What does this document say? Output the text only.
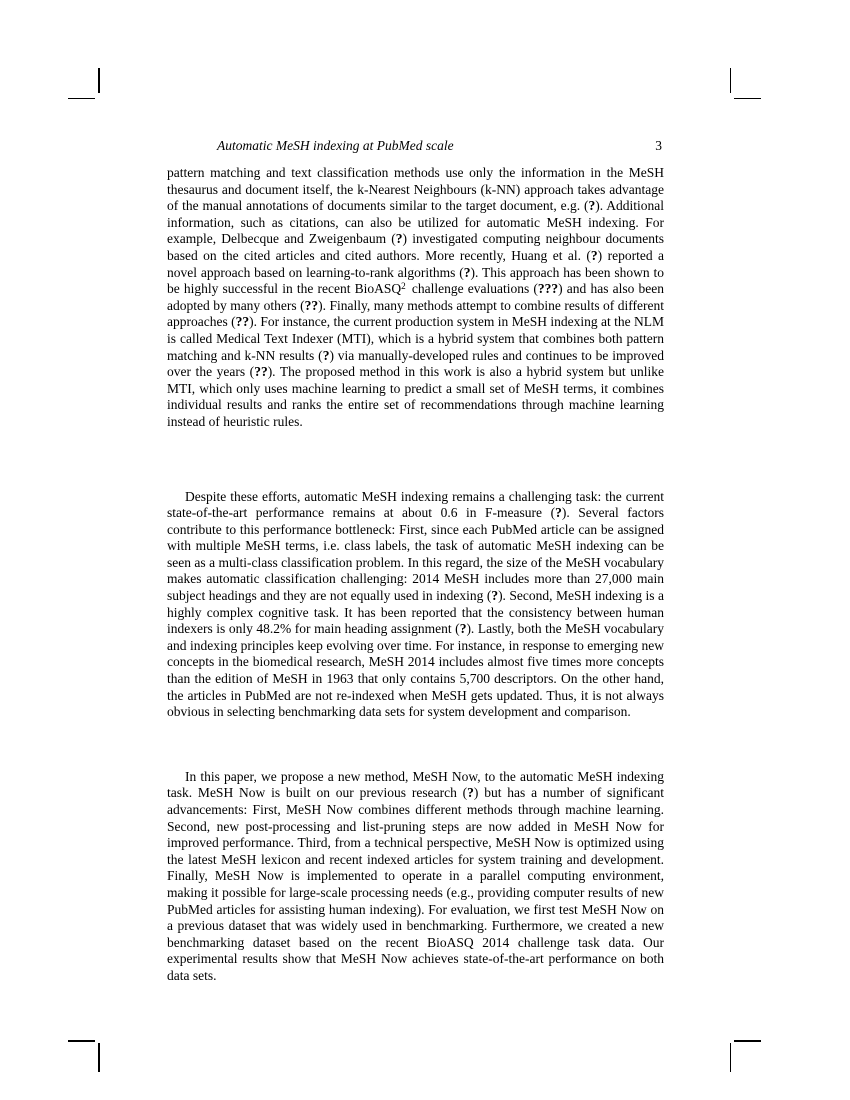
Automatic MeSH indexing at PubMed scale	3

pattern matching and text classification methods use only the information in the MeSH thesaurus and document itself, the k-Nearest Neighbours (k-NN) approach takes advantage of the manual annotations of documents similar to the target document, e.g. (?). Additional information, such as citations, can also be utilized for automatic MeSH indexing. For example, Delbecque and Zweigenbaum (?) investigated computing neighbour documents based on the cited articles and cited authors. More recently, Huang et al. (?) reported a novel approach based on learning-to-rank algorithms (?). This approach has been shown to be highly successful in the recent BioASQ$^2$ challenge evaluations (???) and has also been adopted by many others (??). Finally, many methods attempt to combine results of different approaches (??). For instance, the current production system in MeSH indexing at the NLM is called Medical Text Indexer (MTI), which is a hybrid system that combines both pattern matching and k-NN results (?) via manually-developed rules and continues to be improved over the years (??). The proposed method in this work is also a hybrid system but unlike MTI, which only uses machine learning to predict a small set of MeSH terms, it combines individual results and ranks the entire set of recommendations through machine learning instead of heuristic rules.

Despite these efforts, automatic MeSH indexing remains a challenging task: the current state-of-the-art performance remains at about 0.6 in F-measure (?). Several factors contribute to this performance bottleneck: First, since each PubMed article can be assigned with multiple MeSH terms, i.e. class labels, the task of automatic MeSH indexing can be seen as a multi-class classification problem. In this regard, the size of the MeSH vocabulary makes automatic classification challenging: 2014 MeSH includes more than 27,000 main subject headings and they are not equally used in indexing (?). Second, MeSH indexing is a highly complex cognitive task. It has been reported that the consistency between human indexers is only 48.2% for main heading assignment (?). Lastly, both the MeSH vocabulary and indexing principles keep evolving over time. For instance, in response to emerging new concepts in the biomedical research, MeSH 2014 includes almost five times more concepts than the edition of MeSH in 1963 that only contains 5,700 descriptors. On the other hand, the articles in PubMed are not re-indexed when MeSH gets updated. Thus, it is not always obvious in selecting benchmarking data sets for system development and comparison.

In this paper, we propose a new method, MeSH Now, to the automatic MeSH indexing task. MeSH Now is built on our previous research (?) but has a number of significant advancements: First, MeSH Now combines different methods through machine learning. Second, new post-processing and list-pruning steps are now added in MeSH Now for improved performance. Third, from a technical perspective, MeSH Now is optimized using the latest MeSH lexicon and recent indexed articles for system training and development. Finally, MeSH Now is implemented to operate in a parallel computing environment, making it possible for large-scale processing needs (e.g., providing computer results of new PubMed articles for assisting human indexing). For evaluation, we first test MeSH Now on a previous dataset that was widely used in benchmarking. Furthermore, we created a new benchmarking dataset based on the recent BioASQ 2014 challenge task data. Our experimental results show that MeSH Now achieves state-of-the-art performance on both data sets.
